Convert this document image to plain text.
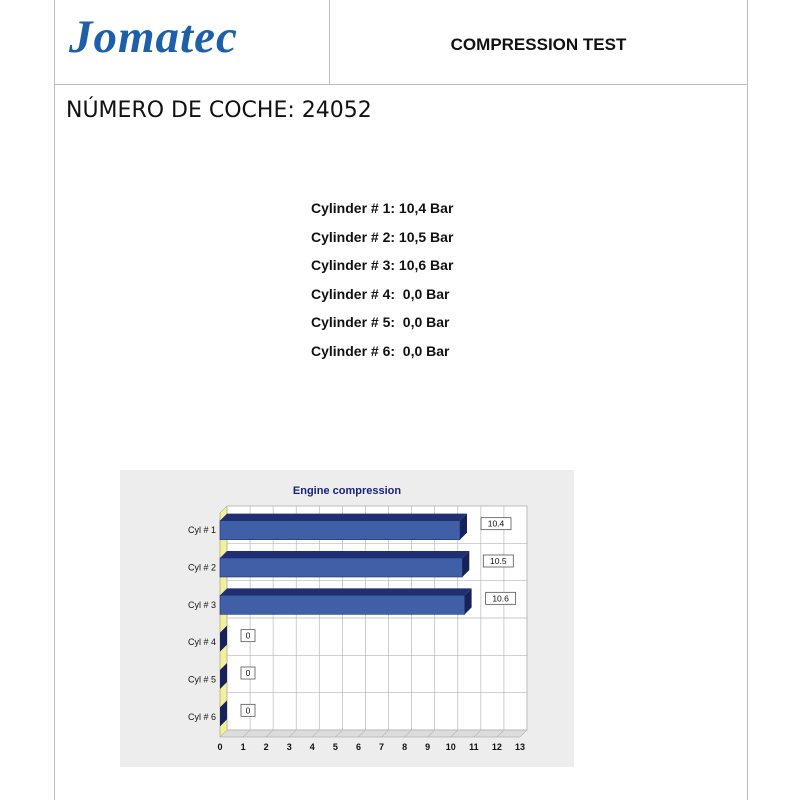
Jomatec	COMPRESSION TEST
NÚMERO DE COCHE: 24052
Cylinder # 1: 10,4 Bar
Cylinder # 2: 10,5 Bar
Cylinder # 3: 10,6 Bar
Cylinder # 4:  0,0 Bar
Cylinder # 5:  0,0 Bar
Cylinder # 6:  0,0 Bar
Engine compression
0 1 2 3 4 5 6 7 8 9 10 11 12 13
Cyl # 1
10.4
Cyl # 2
10.5
Cyl # 3
10.6
Cyl # 4
0
Cyl # 5
0
Cyl # 6
0
